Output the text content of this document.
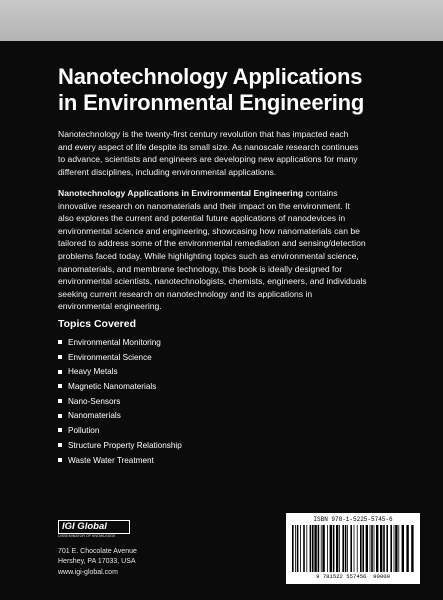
Nanotechnology Applications
in Environmental Engineering
Nanotechnology is the twenty-first century revolution that has impacted each
and every aspect of life despite its small size. As nanoscale research continues
to advance, scientists and engineers are developing new applications for many
different disciplines, including environmental applications.
Nanotechnology Applications in Environmental Engineering contains
innovative research on nanomaterials and their impact on the environment. It
also explores the current and potential future applications of nanodevices in
environmental science and engineering, showcasing how nanomaterials can be
tailored to address some of the environmental remediation and sensing/detection
problems faced today. While highlighting topics such as environmental science,
nanomaterials, and membrane technology, this book is ideally designed for
environmental scientists, nanotechnologists, chemists, engineers, and individuals
seeking current research on nanotechnology and its applications in
environmental engineering.
Topics Covered
Environmental Monitoring
Environmental Science
Heavy Metals
Magnetic Nanomaterials
Nano-Sensors
Nanomaterials
Pollution
Structure Property Relationship
Waste Water Treatment
IGI Global
DISSEMINATOR OF KNOWLEDGE
701 E. Chocolate Avenue
Hershey, PA 17033, USA
www.igi-global.com
ISBN 978-1-5225-5745-6
9 781522 557456 90000
